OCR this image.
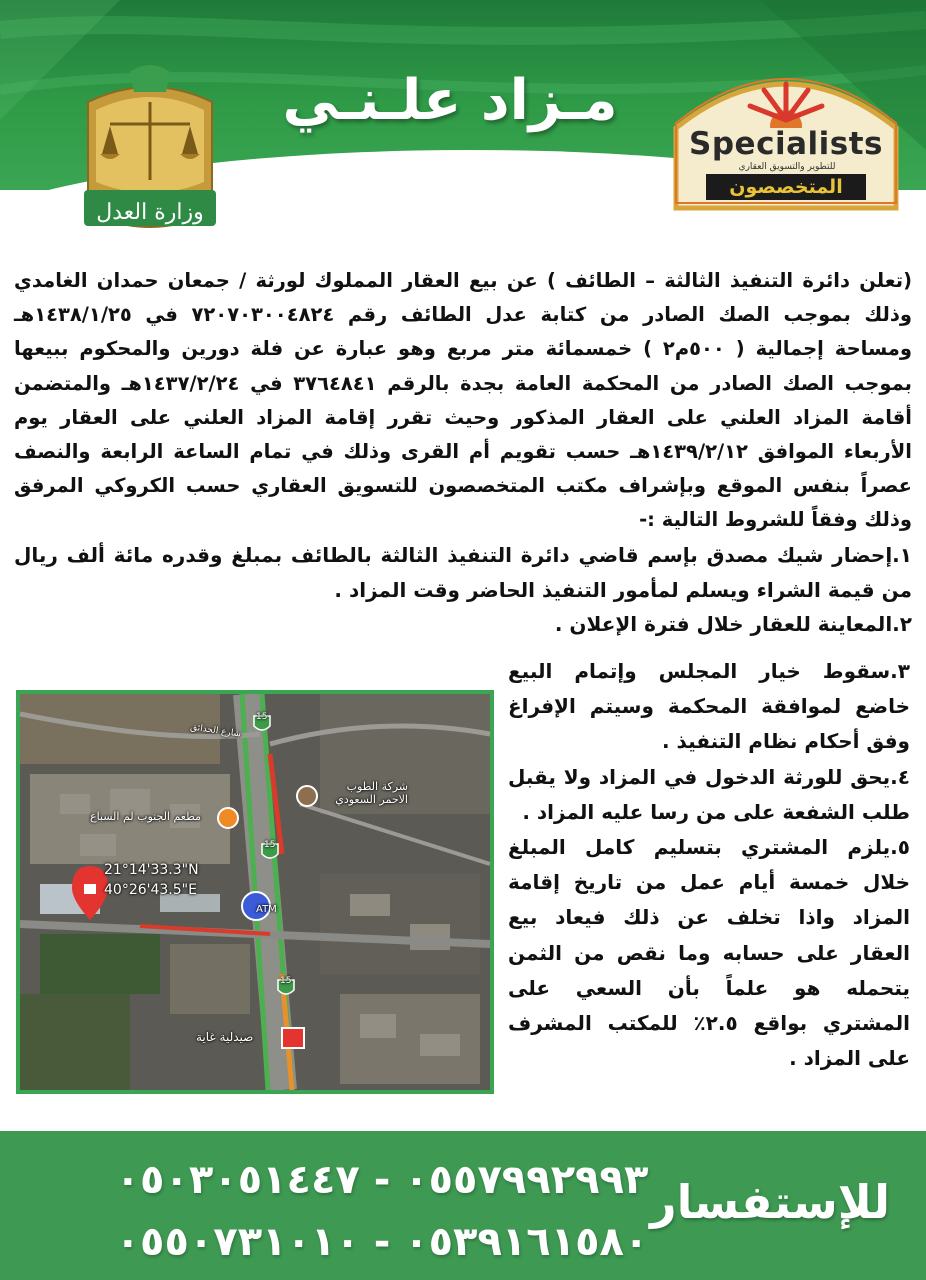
مـزاد علـنـي
وزارة العدل
Specialists
للتطوير والتسويق العقاري
المتخصصون

(تعلن دائرة التنفيذ الثالثة – الطائف ) عن بيع العقار المملوك لورثة / جمعان حمدان الغامدي وذلك بموجب الصك الصادر من كتابة عدل الطائف رقم ٧٢٠٧٠٣٠٠٤٨٢٤ في ١٤٣٨/١/٢٥هـ ومساحة إجمالية ( ٥٠٠م٢ ) خمسمائة متر مربع وهو عبارة عن فلة دورين والمحكوم ببيعها بموجب الصك الصادر من المحكمة العامة بجدة بالرقم ٣٧٦٤٨٤١ في ١٤٣٧/٢/٢٤هـ والمتضمن أقامة المزاد العلني على العقار المذكور وحيث تقرر إقامة المزاد العلني على العقار يوم الأربعاء الموافق ١٤٣٩/٢/١٢هـ حسب تقويم أم القرى وذلك في تمام الساعة الرابعة والنصف عصراً بنفس الموقع وبإشراف مكتب المتخصصون للتسويق العقاري حسب الكروكي المرفق وذلك وفقاً للشروط التالية :-

١.إحضار شيك مصدق بإسم قاضي دائرة التنفيذ الثالثة بالطائف بمبلغ وقدره مائة ألف ريال من قيمة الشراء ويسلم لمأمور التنفيذ الحاضر وقت المزاد .

٢.المعاينة للعقار خلال فترة الإعلان .

٣.سقوط خيار المجلس وإتمام البيع خاضع لموافقة المحكمة وسيتم الإفراغ وفق أحكام نظام التنفيذ .

٤.يحق للورثة الدخول في المزاد ولا يقبل طلب الشفعة على من رسا عليه المزاد .

٥.يلزم المشتري بتسليم كامل المبلغ خلال خمسة أيام عمل من تاريخ إقامة المزاد واذا تخلف عن ذلك فيعاد بيع العقار على حسابه وما نقص من الثمن يتحمله هو علماً بأن السعي على المشتري بواقع ٢.٥٪ للمكتب المشرف على المزاد .

ATM
15
15
15
مطعم الجنوب لم السباع
شركة الطوب الاحمر السعودي
صيدلية غاية
شارع الحدائق
21°14'33.3"N
40°26'43.5"E
٠٥٥٧٩٩٢٩٩٣ - ٠٥٠٣٠٥١٤٤٧
٠٥٣٩١٦١٥٨٠ - ٠٥٥٠٧٣١٠١٠
للإستفسار
